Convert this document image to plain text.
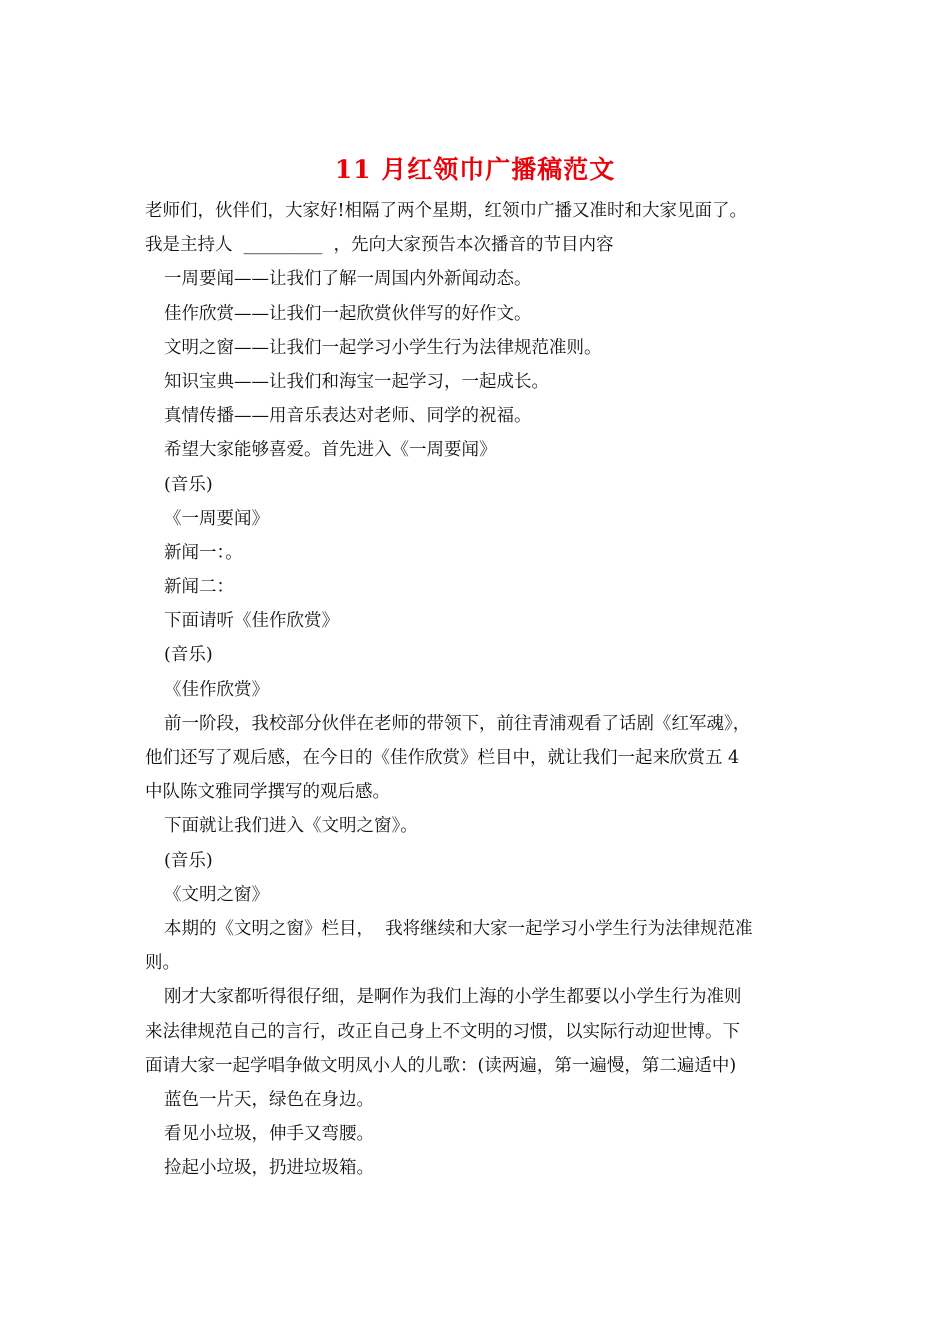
11 月红领巾广播稿范文
老师们，伙伴们，大家好!相隔了两个星期，红领巾广播又准时和大家见面了。
我是主持人  _________  ，先向大家预告本次播音的节目内容
一周要闻——让我们了解一周国内外新闻动态。
佳作欣赏——让我们一起欣赏伙伴写的好作文。
文明之窗——让我们一起学习小学生行为法律规范准则。
知识宝典——让我们和海宝一起学习，一起成长。
真情传播——用音乐表达对老师、同学的祝福。
希望大家能够喜爱。首先进入《一周要闻》
(音乐)
《一周要闻》
新闻一：。
新闻二：
下面请听《佳作欣赏》
(音乐)
《佳作欣赏》
前一阶段，我校部分伙伴在老师的带领下，前往青浦观看了话剧《红军魂》，
他们还写了观后感，在今日的《佳作欣赏》栏目中，就让我们一起来欣赏五 4
中队陈文雅同学撰写的观后感。
下面就让我们进入《文明之窗》。
(音乐)
《文明之窗》
本期的《文明之窗》栏目，  我将继续和大家一起学习小学生行为法律规范准
则。
刚才大家都听得很仔细，是啊作为我们上海的小学生都要以小学生行为准则
来法律规范自己的言行，改正自己身上不文明的习惯，以实际行动迎世博。下
面请大家一起学唱争做文明凤小人的儿歌：(读两遍，第一遍慢，第二遍适中)
蓝色一片天，绿色在身边。
看见小垃圾，伸手又弯腰。
捡起小垃圾，扔进垃圾箱。
